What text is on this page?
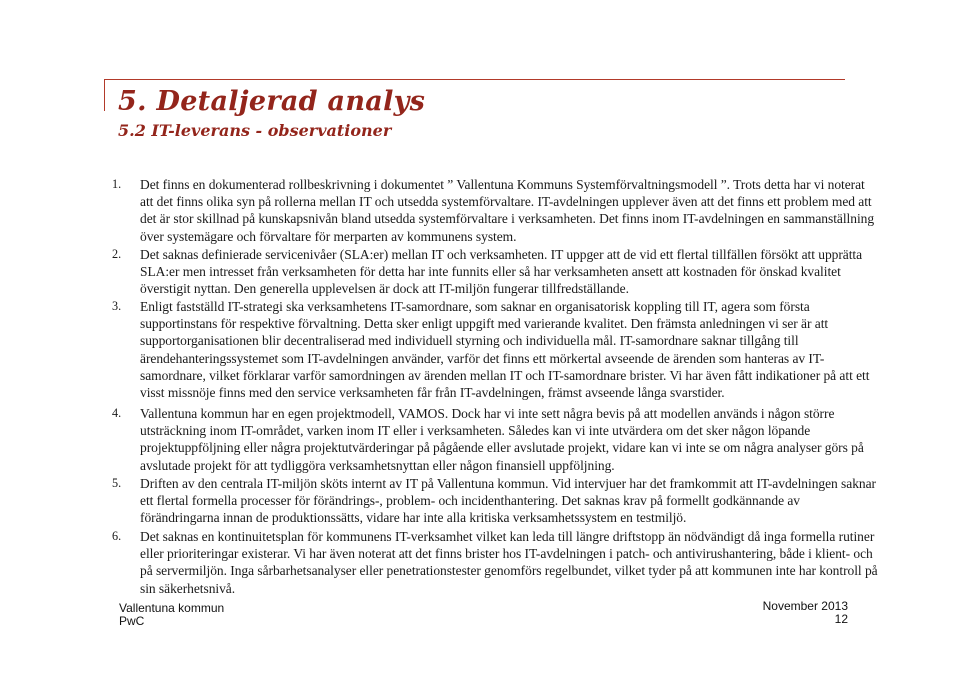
5. Detaljerad analys
5.2 IT-leverans - observationer
1.	Det finns en dokumenterad rollbeskrivning i dokumentet ” Vallentuna Kommuns Systemförvaltningsmodell ”. Trots detta har vi noterat att det finns olika syn på rollerna mellan IT och utsedda systemförvaltare. IT-avdelningen upplever även att det finns ett problem med att det är stor skillnad på kunskapsnivån bland utsedda systemförvaltare i verksamheten. Det finns inom IT-avdelningen en sammanställning över systemägare och förvaltare för merparten av kommunens system.

2.	Det saknas definierade servicenivåer (SLA:er) mellan IT och verksamheten. IT uppger att de vid ett flertal tillfällen försökt att upprätta SLA:er men intresset från verksamheten för detta har inte funnits eller så har verksamheten ansett att kostnaden för önskad kvalitet överstigit nyttan. Den generella upplevelsen är dock att IT-miljön fungerar tillfredställande.

3.	Enligt fastställd IT-strategi ska verksamhetens IT-samordnare, som saknar en organisatorisk koppling till IT, agera som första supportinstans för respektive förvaltning. Detta sker enligt uppgift med varierande kvalitet. Den främsta anledningen vi ser är att supportorganisationen blir decentraliserad med individuell styrning och individuella mål. IT-samordnare saknar tillgång till ärendehanteringssystemet som IT-avdelningen använder, varför det finns ett mörkertal avseende de ärenden som hanteras av IT-samordnare, vilket förklarar varför samordningen av ärenden mellan IT och IT-samordnare brister. Vi har även fått indikationer på att ett visst missnöje finns med den service verksamheten får från IT-avdelningen, främst avseende långa svarstider.

4.	Vallentuna kommun har en egen projektmodell, VAMOS. Dock har vi inte sett några bevis på att modellen används i någon större utsträckning inom IT-området, varken inom IT eller i verksamheten. Således kan vi inte utvärdera om det sker någon löpande projektuppföljning eller några projektutvärderingar på pågående eller avslutade projekt, vidare kan vi inte se om några analyser görs på avslutade projekt för att tydliggöra verksamhetsnyttan eller någon finansiell uppföljning.

5.	Driften av den centrala IT-miljön sköts internt av IT på Vallentuna kommun. Vid intervjuer har det framkommit att IT-avdelningen saknar ett flertal formella processer för förändrings-, problem- och incidenthantering. Det saknas krav på formellt godkännande av förändringarna innan de produktionssätts, vidare har inte alla kritiska verksamhetssystem en testmiljö.

6.	Det saknas en kontinuitetsplan för kommunens IT-verksamhet vilket kan leda till längre driftstopp än nödvändigt då inga formella rutiner eller prioriteringar existerar. Vi har även noterat att det finns brister hos IT-avdelningen i patch- och antivirushantering, både i klient- och på servermiljön. Inga sårbarhetsanalyser eller penetrationstester genomförs regelbundet, vilket tyder på att kommunen inte har kontroll på sin säkerhetsnivå.

Vallentuna kommun
PwC
November 2013
12
